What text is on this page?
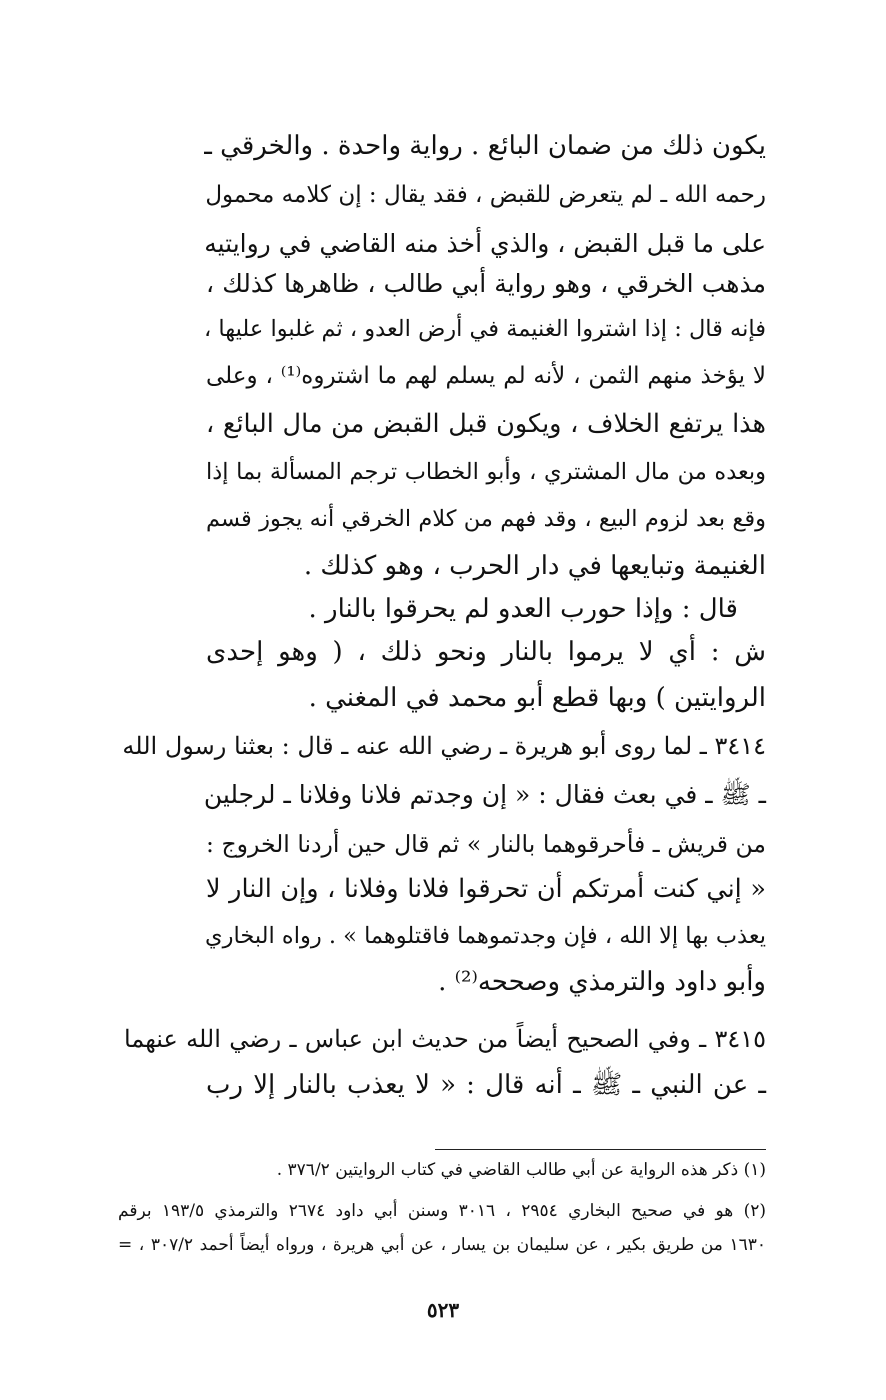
يكون ذلك من ضمان البائع . رواية واحدة . والخرقي ـ
رحمه الله ـ لم يتعرض للقبض ، فقد يقال : إن كلامه محمول
على ما قبل القبض ، والذي أخذ منه القاضي في روايتيه
مذهب الخرقي ، وهو رواية أبي طالب ، ظاهرها كذلك ،
فإنه قال : إذا اشتروا الغنيمة في أرض العدو ، ثم غلبوا عليها ،
لا يؤخذ منهم الثمن ، لأنه لم يسلم لهم ما اشتروه⁽¹⁾ ، وعلى
هذا يرتفع الخلاف ، ويكون قبل القبض من مال البائع ،
وبعده من مال المشتري ، وأبو الخطاب ترجم المسألة بما إذا
وقع بعد لزوم البيع ، وقد فهم من كلام الخرقي أنه يجوز قسم
الغنيمة وتبايعها في دار الحرب ، وهو كذلك .
قال : وإذا حورب العدو لم يحرقوا بالنار .
ش : أي لا يرموا بالنار ونحو ذلك ، ( وهو إحدى
الروايتين ) وبها قطع أبو محمد في المغني .
٣٤١٤ ـ لما روى أبو هريرة ـ رضي الله عنه ـ قال : بعثنا رسول الله
ـ ﷺ ـ في بعث فقال : « إن وجدتم فلانا وفلانا ـ لرجلين
من قريش ـ فأحرقوهما بالنار » ثم قال حين أردنا الخروج :
« إني كنت أمرتكم أن تحرقوا فلانا وفلانا ، وإن النار لا
يعذب بها إلا الله ، فإن وجدتموهما فاقتلوهما » . رواه البخاري
وأبو داود والترمذي وصححه⁽²⁾ .
٣٤١٥ ـ وفي الصحيح أيضاً من حديث ابن عباس ـ رضي الله عنهما
ـ عن النبي ـ ﷺ ـ أنه قال : « لا يعذب بالنار إلا رب
(١) ذكر هذه الرواية عن أبي طالب القاضي في كتاب الروايتين ٣٧٦/٢ .
(٢) هو في صحيح البخاري ٢٩٥٤ ، ٣٠١٦ وسنن أبي داود ٢٦٧٤ والترمذي ١٩٣/٥ برقم
١٦٣٠ من طريق بكير ، عن سليمان بن يسار ، عن أبي هريرة ، ورواه أيضاً أحمد ٣٠٧/٢ ، =
٥٢٣
